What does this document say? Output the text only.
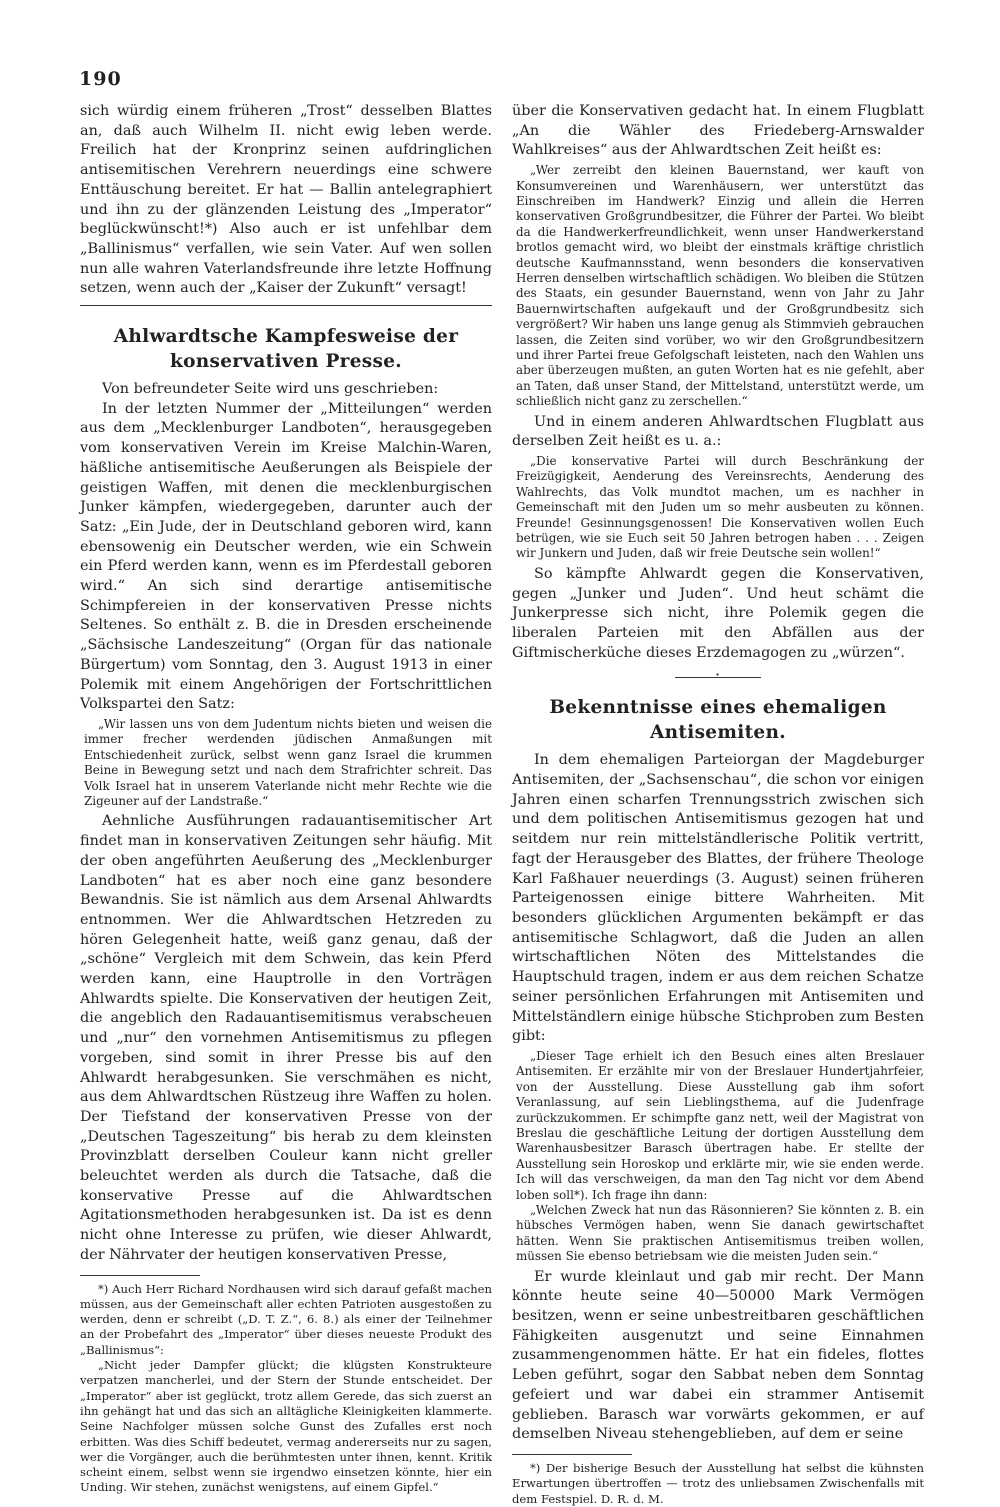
190

sich würdig einem früheren „Trost“ desselben Blattes an, daß auch Wilhelm II. nicht ewig leben werde. Freilich hat der Kronprinz seinen aufdringlichen antisemitischen Verehrern neuerdings eine schwere Enttäuschung bereitet. Er hat — Ballin antelegraphiert und ihn zu der glänzenden Leistung des „Imperator“ beglückwünscht!*) Also auch er ist unfehlbar dem „Ballinismus“ verfallen, wie sein Vater. Auf wen sollen nun alle wahren Vaterlandsfreunde ihre letzte Hoffnung setzen, wenn auch der „Kaiser der Zukunft“ versagt!

Ahlwardtsche Kampfesweise der konservativen Presse.

Von befreundeter Seite wird uns geschrieben:

In der letzten Nummer der „Mitteilungen“ werden aus dem „Mecklenburger Landboten“, herausgegeben vom konservativen Verein im Kreise Malchin-Waren, häßliche antisemitische Aeußerungen als Beispiele der geistigen Waffen, mit denen die mecklenburgischen Junker kämpfen, wiedergegeben, darunter auch der Satz: „Ein Jude, der in Deutschland geboren wird, kann ebensowenig ein Deutscher werden, wie ein Schwein ein Pferd werden kann, wenn es im Pferdestall geboren wird.“ An sich sind derartige antisemitische Schimpfereien in der konservativen Presse nichts Seltenes. So enthält z. B. die in Dresden erscheinende „Sächsische Landeszeitung“ (Organ für das nationale Bürgertum) vom Sonntag, den 3. August 1913 in einer Polemik mit einem Angehörigen der Fortschrittlichen Volkspartei den Satz:

„Wir lassen uns von dem Judentum nichts bieten und weisen die immer frecher werdenden jüdischen Anmaßungen mit Entschiedenheit zurück, selbst wenn ganz Israel die krummen Beine in Bewegung setzt und nach dem Strafrichter schreit. Das Volk Israel hat in unserem Vaterlande nicht mehr Rechte wie die Zigeuner auf der Landstraße.“

Aehnliche Ausführungen radauantisemitischer Art findet man in konservativen Zeitungen sehr häufig. Mit der oben angeführten Aeußerung des „Mecklenburger Landboten“ hat es aber noch eine ganz besondere Bewandnis. Sie ist nämlich aus dem Arsenal Ahlwardts entnommen. Wer die Ahlwardtschen Hetzreden zu hören Gelegenheit hatte, weiß ganz genau, daß der „schöne“ Vergleich mit dem Schwein, das kein Pferd werden kann, eine Hauptrolle in den Vorträgen Ahlwardts spielte. Die Konservativen der heutigen Zeit, die angeblich den Radauantisemitismus verabscheuen und „nur“ den vornehmen Antisemitismus zu pflegen vorgeben, sind somit in ihrer Presse bis auf den Ahlwardt herabgesunken. Sie verschmähen es nicht, aus dem Ahlwardtschen Rüstzeug ihre Waffen zu holen. Der Tiefstand der konservativen Presse von der „Deutschen Tageszeitung“ bis herab zu dem kleinsten Provinzblatt derselben Couleur kann nicht greller beleuchtet werden als durch die Tatsache, daß die konservative Presse auf die Ahlwardtschen Agitationsmethoden herabgesunken ist. Da ist es denn nicht ohne Interesse zu prüfen, wie dieser Ahlwardt, der Nährvater der heutigen konservativen Presse,

*) Auch Herr Richard Nordhausen wird sich darauf gefaßt machen müssen, aus der Gemeinschaft aller echten Patrioten ausgestoßen zu werden, denn er schreibt („D. T. Z.“, 6. 8.) als einer der Teilnehmer an der Probefahrt des „Imperator“ über dieses neueste Produkt des „Ballinismus“:

„Nicht jeder Dampfer glückt; die klügsten Konstrukteure verpatzen mancherlei, und der Stern der Stunde entscheidet. Der „Imperator“ aber ist geglückt, trotz allem Gerede, das sich zuerst an ihn gehängt hat und das sich an alltägliche Kleinigkeiten klammerte. Seine Nachfolger müssen solche Gunst des Zufalles erst noch erbitten. Was dies Schiff bedeutet, vermag andererseits nur zu sagen, wer die Vorgänger, auch die berühmtesten unter ihnen, kennt. Kritik scheint einem, selbst wenn sie irgendwo einsetzen könnte, hier ein Unding. Wir stehen, zunächst wenigstens, auf einem Gipfel.“

über die Konservativen gedacht hat. In einem Flugblatt „An die Wähler des Friedeberg-Arnswalder Wahlkreises“ aus der Ahlwardtschen Zeit heißt es:

„Wer zerreibt den kleinen Bauernstand, wer kauft von Konsumvereinen und Warenhäusern, wer unterstützt das Einschreiben im Handwerk? Einzig und allein die Herren konservativen Großgrundbesitzer, die Führer der Partei. Wo bleibt da die Handwerkerfreundlichkeit, wenn unser Handwerkerstand brotlos gemacht wird, wo bleibt der einstmals kräftige christlich deutsche Kaufmannsstand, wenn besonders die konservativen Herren denselben wirtschaftlich schädigen. Wo bleiben die Stützen des Staats, ein gesunder Bauernstand, wenn von Jahr zu Jahr Bauernwirtschaften aufgekauft und der Großgrundbesitz sich vergrößert? Wir haben uns lange genug als Stimmvieh gebrauchen lassen, die Zeiten sind vorüber, wo wir den Großgrundbesitzern und ihrer Partei freue Gefolgschaft leisteten, nach den Wahlen uns aber überzeugen mußten, an guten Worten hat es nie gefehlt, aber an Taten, daß unser Stand, der Mittelstand, unterstützt werde, um schließlich nicht ganz zu zerschellen.“

Und in einem anderen Ahlwardtschen Flugblatt aus derselben Zeit heißt es u. a.:

„Die konservative Partei will durch Beschränkung der Freizügigkeit, Aenderung des Vereinsrechts, Aenderung des Wahlrechts, das Volk mundtot machen, um es nachher in Gemeinschaft mit den Juden um so mehr ausbeuten zu können. Freunde! Gesinnungsgenossen! Die Konservativen wollen Euch betrügen, wie sie Euch seit 50 Jahren betrogen haben . . . Zeigen wir Junkern und Juden, daß wir freie Deutsche sein wollen!“

So kämpfte Ahlwardt gegen die Konservativen, gegen „Junker und Juden“. Und heut schämt die Junkerpresse sich nicht, ihre Polemik gegen die liberalen Parteien mit den Abfällen aus der Giftmischerküche dieses Erzdemagogen zu „würzen“.

·
Bekenntnisse eines ehemaligen Antisemiten.

In dem ehemaligen Parteiorgan der Magdeburger Antisemiten, der „Sachsenschau“, die schon vor einigen Jahren einen scharfen Trennungsstrich zwischen sich und dem politischen Antisemitismus gezogen hat und seitdem nur rein mittelständlerische Politik vertritt, fagt der Herausgeber des Blattes, der frühere Theologe Karl Faßhauer neuerdings (3. August) seinen früheren Parteigenossen einige bittere Wahrheiten. Mit besonders glücklichen Argumenten bekämpft er das antisemitische Schlagwort, daß die Juden an allen wirtschaftlichen Nöten des Mittelstandes die Hauptschuld tragen, indem er aus dem reichen Schatze seiner persönlichen Erfahrungen mit Antisemiten und Mittelständlern einige hübsche Stichproben zum Besten gibt:

„Dieser Tage erhielt ich den Besuch eines alten Breslauer Antisemiten. Er erzählte mir von der Breslauer Hundertjahrfeier, von der Ausstellung. Diese Ausstellung gab ihm sofort Veranlassung, auf sein Lieblingsthema, auf die Judenfrage zurückzukommen. Er schimpfte ganz nett, weil der Magistrat von Breslau die geschäftliche Leitung der dortigen Ausstellung dem Warenhausbesitzer Barasch übertragen habe. Er stellte der Ausstellung sein Horoskop und erklärte mir, wie sie enden werde. Ich will das verschweigen, da man den Tag nicht vor dem Abend loben soll*). Ich frage ihn dann:

„Welchen Zweck hat nun das Räsonnieren? Sie könnten z. B. ein hübsches Vermögen haben, wenn Sie danach gewirtschaftet hätten. Wenn Sie praktischen Antisemitismus treiben wollen, müssen Sie ebenso betriebsam wie die meisten Juden sein.“

Er wurde kleinlaut und gab mir recht. Der Mann könnte heute seine 40—50000 Mark Vermögen besitzen, wenn er seine unbestreitbaren geschäftlichen Fähigkeiten ausgenutzt und seine Einnahmen zusammengenommen hätte. Er hat ein fideles, flottes Leben geführt, sogar den Sabbat neben dem Sonntag gefeiert und war dabei ein strammer Antisemit geblieben. Barasch war vorwärts gekommen, er auf demselben Niveau stehengeblieben, auf dem er seine

*) Der bisherige Besuch der Ausstellung hat selbst die kühnsten Erwartungen übertroffen — trotz des unliebsamen Zwischenfalls mit dem Festspiel. D. R. d. M.
